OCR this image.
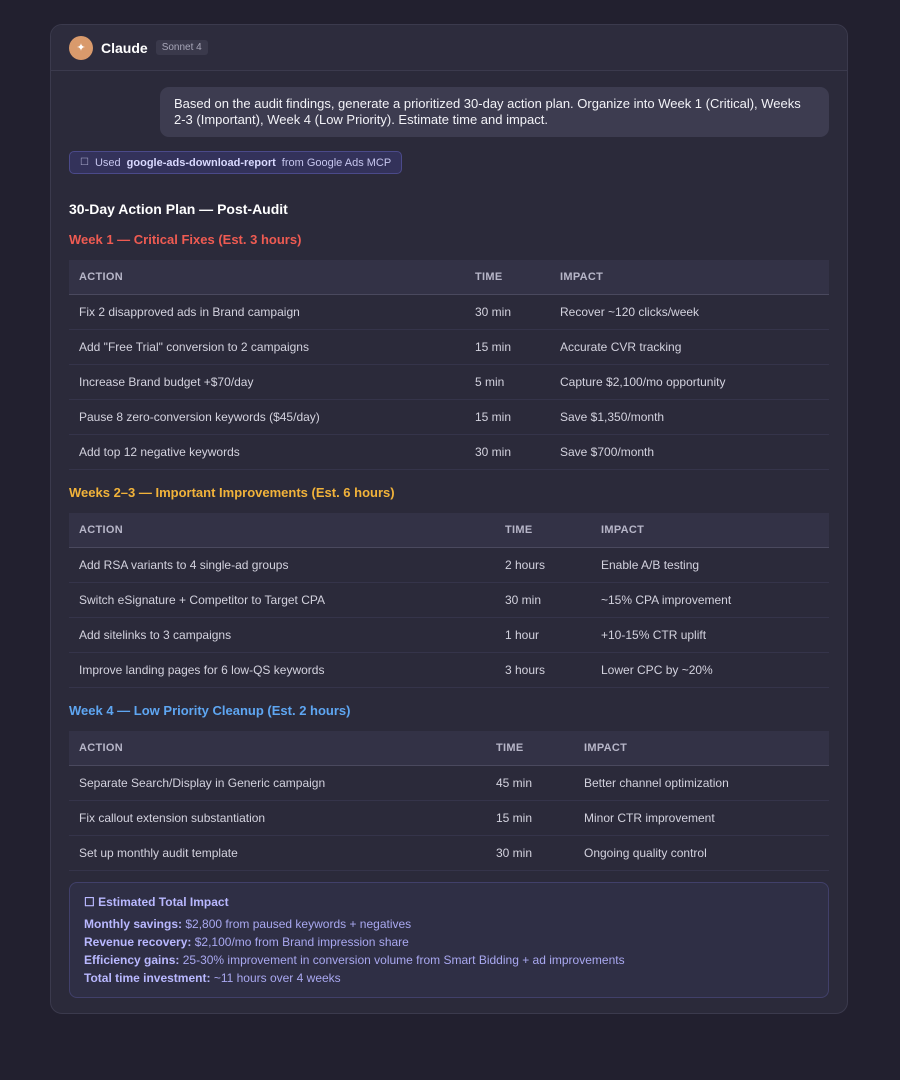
✦	Claude	Sonnet 4
Based on the audit findings, generate a prioritized 30-day action plan. Organize into Week 1 (Critical), Weeks 2-3 (Important), Week 4 (Low Priority). Estimate time and impact.
☐ Used google-ads-download-report from Google Ads MCP
30-Day Action Plan — Post-Audit
Week 1 — Critical Fixes (Est. 3 hours)
ACTION	TIME	IMPACT
Fix 2 disapproved ads in Brand campaign	30 min	Recover ~120 clicks/week
Add "Free Trial" conversion to 2 campaigns	15 min	Accurate CVR tracking
Increase Brand budget +$70/day	5 min	Capture $2,100/mo opportunity
Pause 8 zero-conversion keywords ($45/day)	15 min	Save $1,350/month
Add top 12 negative keywords	30 min	Save $700/month
Weeks 2–3 — Important Improvements (Est. 6 hours)
ACTION	TIME	IMPACT
Add RSA variants to 4 single-ad groups	2 hours	Enable A/B testing
Switch eSignature + Competitor to Target CPA	30 min	~15% CPA improvement
Add sitelinks to 3 campaigns	1 hour	+10-15% CTR uplift
Improve landing pages for 6 low-QS keywords	3 hours	Lower CPC by ~20%
Week 4 — Low Priority Cleanup (Est. 2 hours)
ACTION	TIME	IMPACT
Separate Search/Display in Generic campaign	45 min	Better channel optimization
Fix callout extension substantiation	15 min	Minor CTR improvement
Set up monthly audit template	30 min	Ongoing quality control
☐ Estimated Total Impact
Monthly savings: $2,800 from paused keywords + negatives
Revenue recovery: $2,100/mo from Brand impression share
Efficiency gains: 25-30% improvement in conversion volume from Smart Bidding + ad improvements
Total time investment: ~11 hours over 4 weeks
